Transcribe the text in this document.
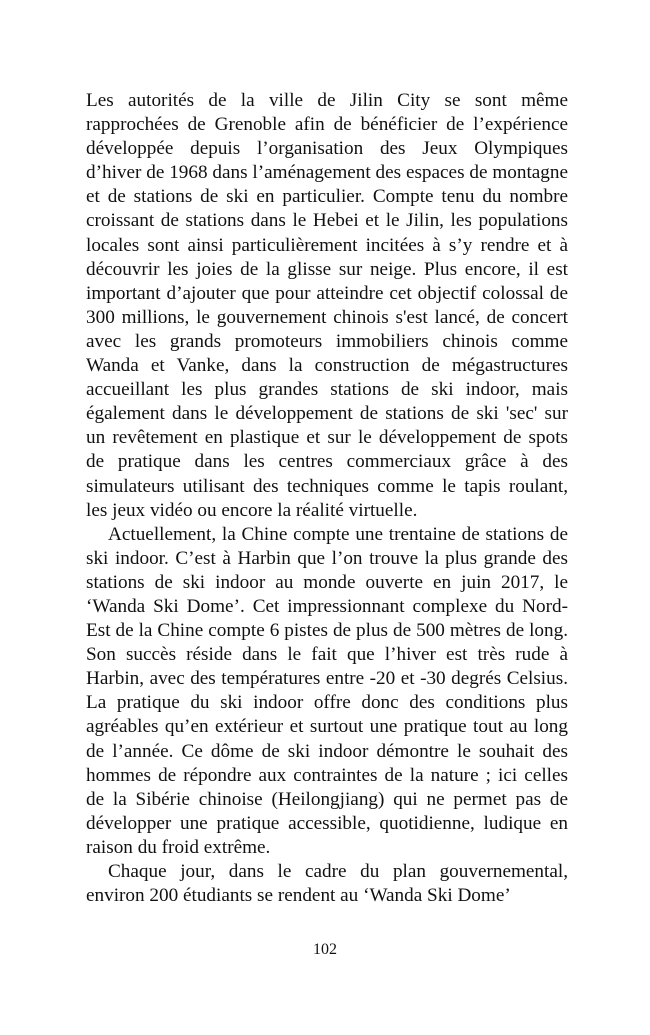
Les autorités de la ville de Jilin City se sont même rapprochées de Grenoble afin de bénéficier de l’expérience développée depuis l’organisation des Jeux Olympiques d’hiver de 1968 dans l’aménagement des espaces de montagne et de stations de ski en particulier. Compte tenu du nombre croissant de stations dans le Hebei et le Jilin, les populations locales sont ainsi particulièrement incitées à s’y rendre et à découvrir les joies de la glisse sur neige. Plus encore, il est important d’ajouter que pour atteindre cet objectif colossal de 300 millions, le gouvernement chinois s'est lancé, de concert avec les grands promoteurs immobiliers chinois comme Wanda et Vanke, dans la construction de mégastructures accueillant les plus grandes stations de ski indoor, mais également dans le développement de stations de ski 'sec' sur un revêtement en plastique et sur le développement de spots de pratique dans les centres commerciaux grâce à des simulateurs utilisant des techniques comme le tapis roulant, les jeux vidéo ou encore la réalité virtuelle.

Actuellement, la Chine compte une trentaine de stations de ski indoor. C’est à Harbin que l’on trouve la plus grande des stations de ski indoor au monde ouverte en juin 2017, le ‘Wanda Ski Dome’. Cet impressionnant complexe du Nord-Est de la Chine compte 6 pistes de plus de 500 mètres de long. Son succès réside dans le fait que l’hiver est très rude à Harbin, avec des températures entre -20 et -30 degrés Celsius. La pratique du ski indoor offre donc des conditions plus agréables qu’en extérieur et surtout une pratique tout au long de l’année. Ce dôme de ski indoor démontre le souhait des hommes de répondre aux contraintes de la nature ; ici celles de la Sibérie chinoise (Heilongjiang) qui ne permet pas de développer une pratique accessible, quotidienne, ludique en raison du froid extrême.

Chaque jour, dans le cadre du plan gouvernemental, environ 200 étudiants se rendent au ‘Wanda Ski Dome’

102
